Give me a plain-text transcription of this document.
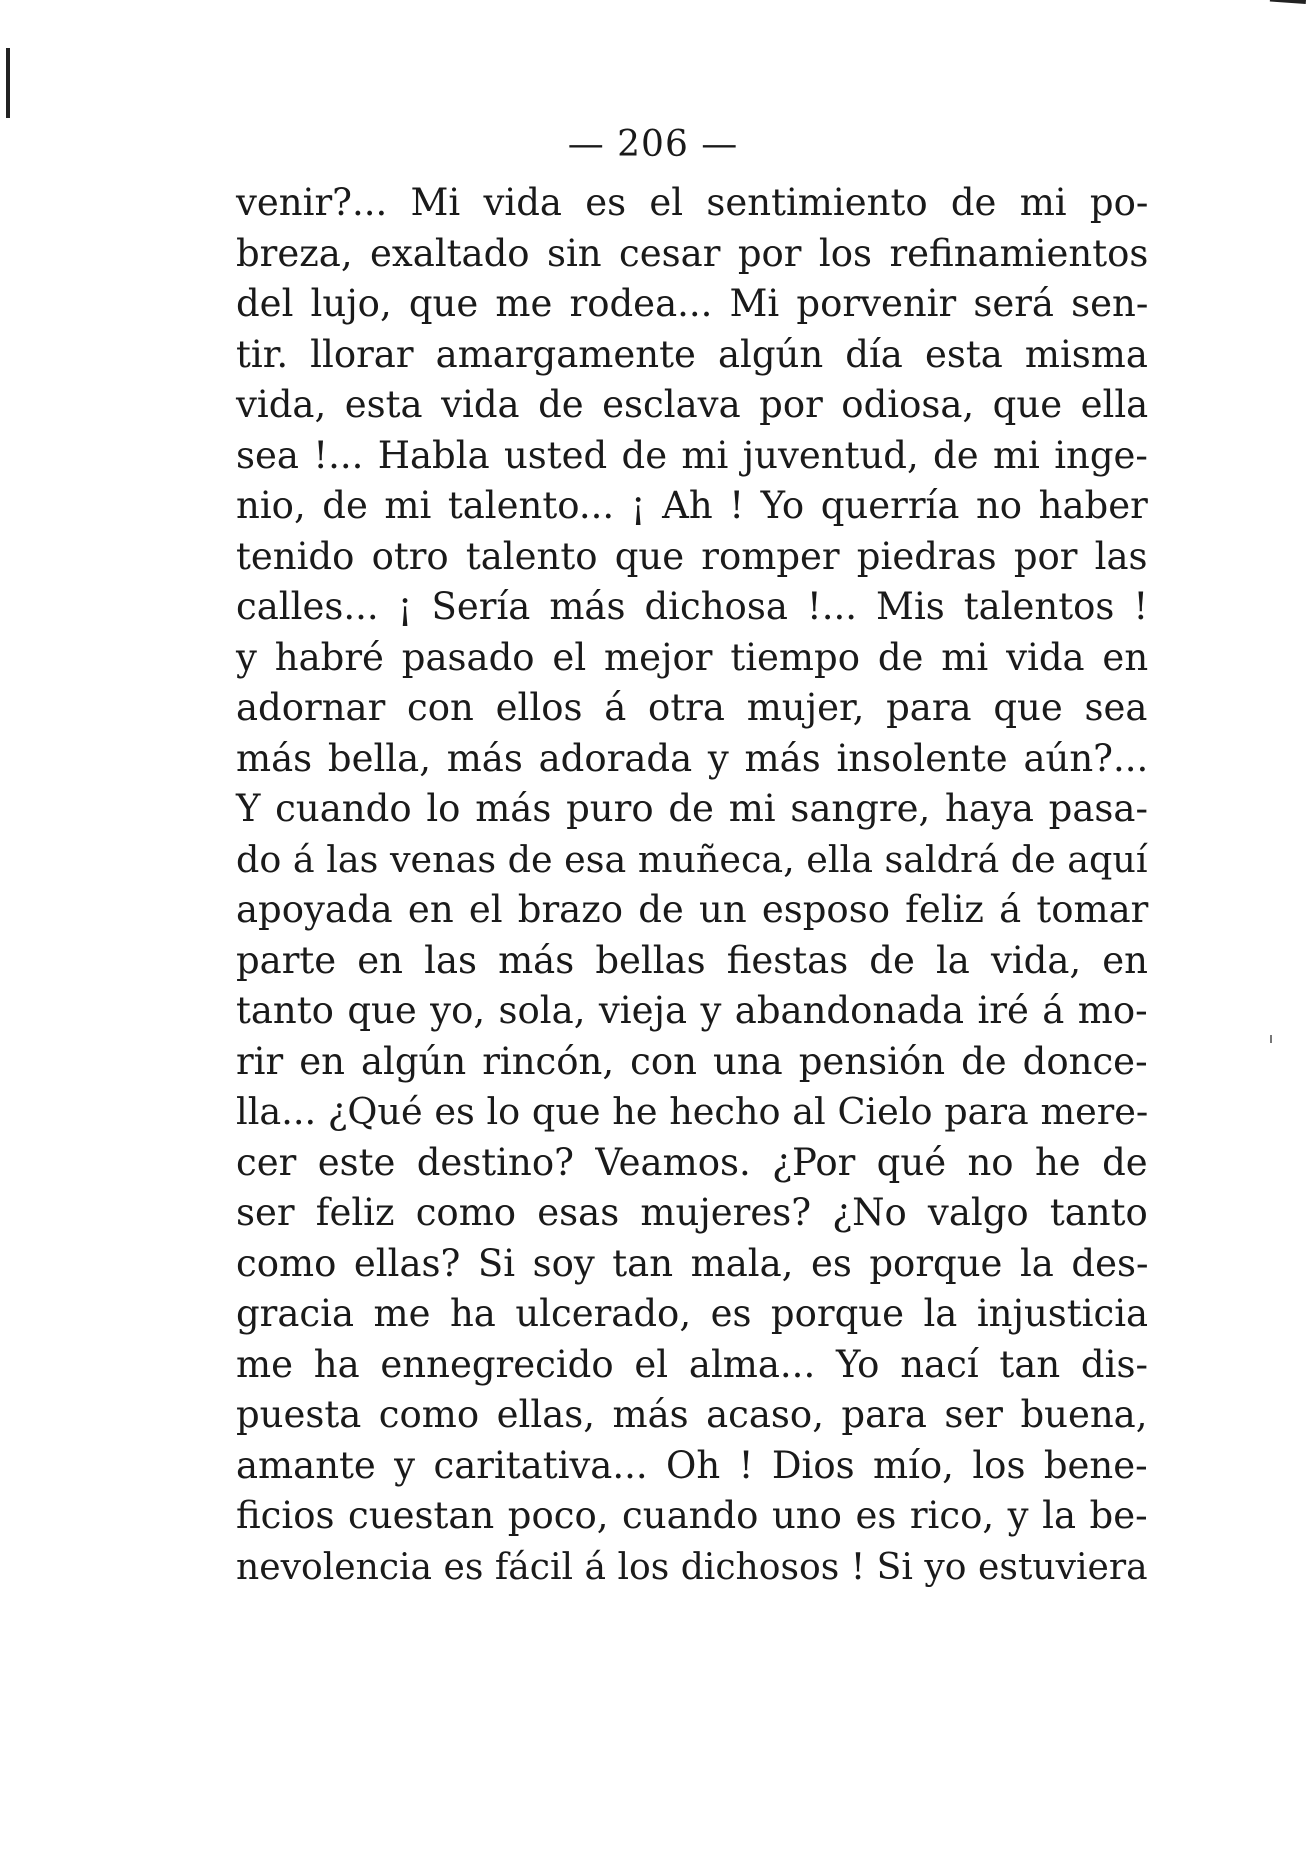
— 206 —
venir?... Mi vida es el sentimiento de mi po-
breza, exaltado sin cesar por los refinamientos
del lujo, que me rodea... Mi porvenir será sen-
tir. llorar amargamente algún día esta misma
vida, esta vida de esclava por odiosa, que ella
sea !... Habla usted de mi juventud, de mi inge-
nio, de mi talento... ¡ Ah ! Yo querría no haber
tenido otro talento que romper piedras por las
calles... ¡ Sería más dichosa !... Mis talentos !
y habré pasado el mejor tiempo de mi vida en
adornar con ellos á otra mujer, para que sea
más bella, más adorada y más insolente aún?...
Y cuando lo más puro de mi sangre, haya pasa-
do á las venas de esa muñeca, ella saldrá de aquí
apoyada en el brazo de un esposo feliz á tomar
parte en las más bellas fiestas de la vida, en
tanto que yo, sola, vieja y abandonada iré á mo-
rir en algún rincón, con una pensión de donce-
lla... ¿Qué es lo que he hecho al Cielo para mere-
cer este destino? Veamos. ¿Por qué no he de
ser feliz como esas mujeres? ¿No valgo tanto
como ellas? Si soy tan mala, es porque la des-
gracia me ha ulcerado, es porque la injusticia
me ha ennegrecido el alma... Yo nací tan dis-
puesta como ellas, más acaso, para ser buena,
amante y caritativa... Oh ! Dios mío, los bene-
ficios cuestan poco, cuando uno es rico, y la be-
nevolencia es fácil á los dichosos ! Si yo estuviera
